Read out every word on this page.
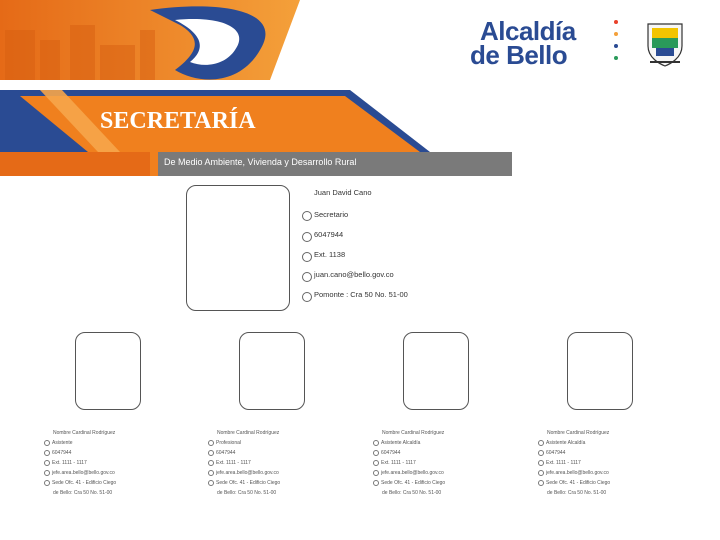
Alcaldía
de Bello
SECRETARÍA
De Medio Ambiente, Vivienda y Desarrollo Rural
Juan David Cano
Secretario
6047944
Ext. 1138
juan.cano@bello.gov.co
Pomonte : Cra 50 No. 51-00
Nombre Cardinal Rodríguez
Asistente
6047944
Ext. 1111 - 1117
jefe.area.bello@bello.gov.co
Sede Ofc. 41 - Edificio Ciego
de Bello: Cra 50 No. 51-00
Nombre Cardinal Rodríguez
Profesional
6047944
Ext. 1111 - 1117
jefe.area.bello@bello.gov.co
Sede Ofc. 41 - Edificio Ciego
de Bello: Cra 50 No. 51-00
Nombre Cardinal Rodríguez
Asistente Alcaldía
6047944
Ext. 1111 - 1117
jefe.area.bello@bello.gov.co
Sede Ofc. 41 - Edificio Ciego
de Bello: Cra 50 No. 51-00
Nombre Cardinal Rodríguez
Asistente Alcaldía
6047944
Ext. 1111 - 1117
jefe.area.bello@bello.gov.co
Sede Ofc. 41 - Edificio Ciego
de Bello: Cra 50 No. 51-00
